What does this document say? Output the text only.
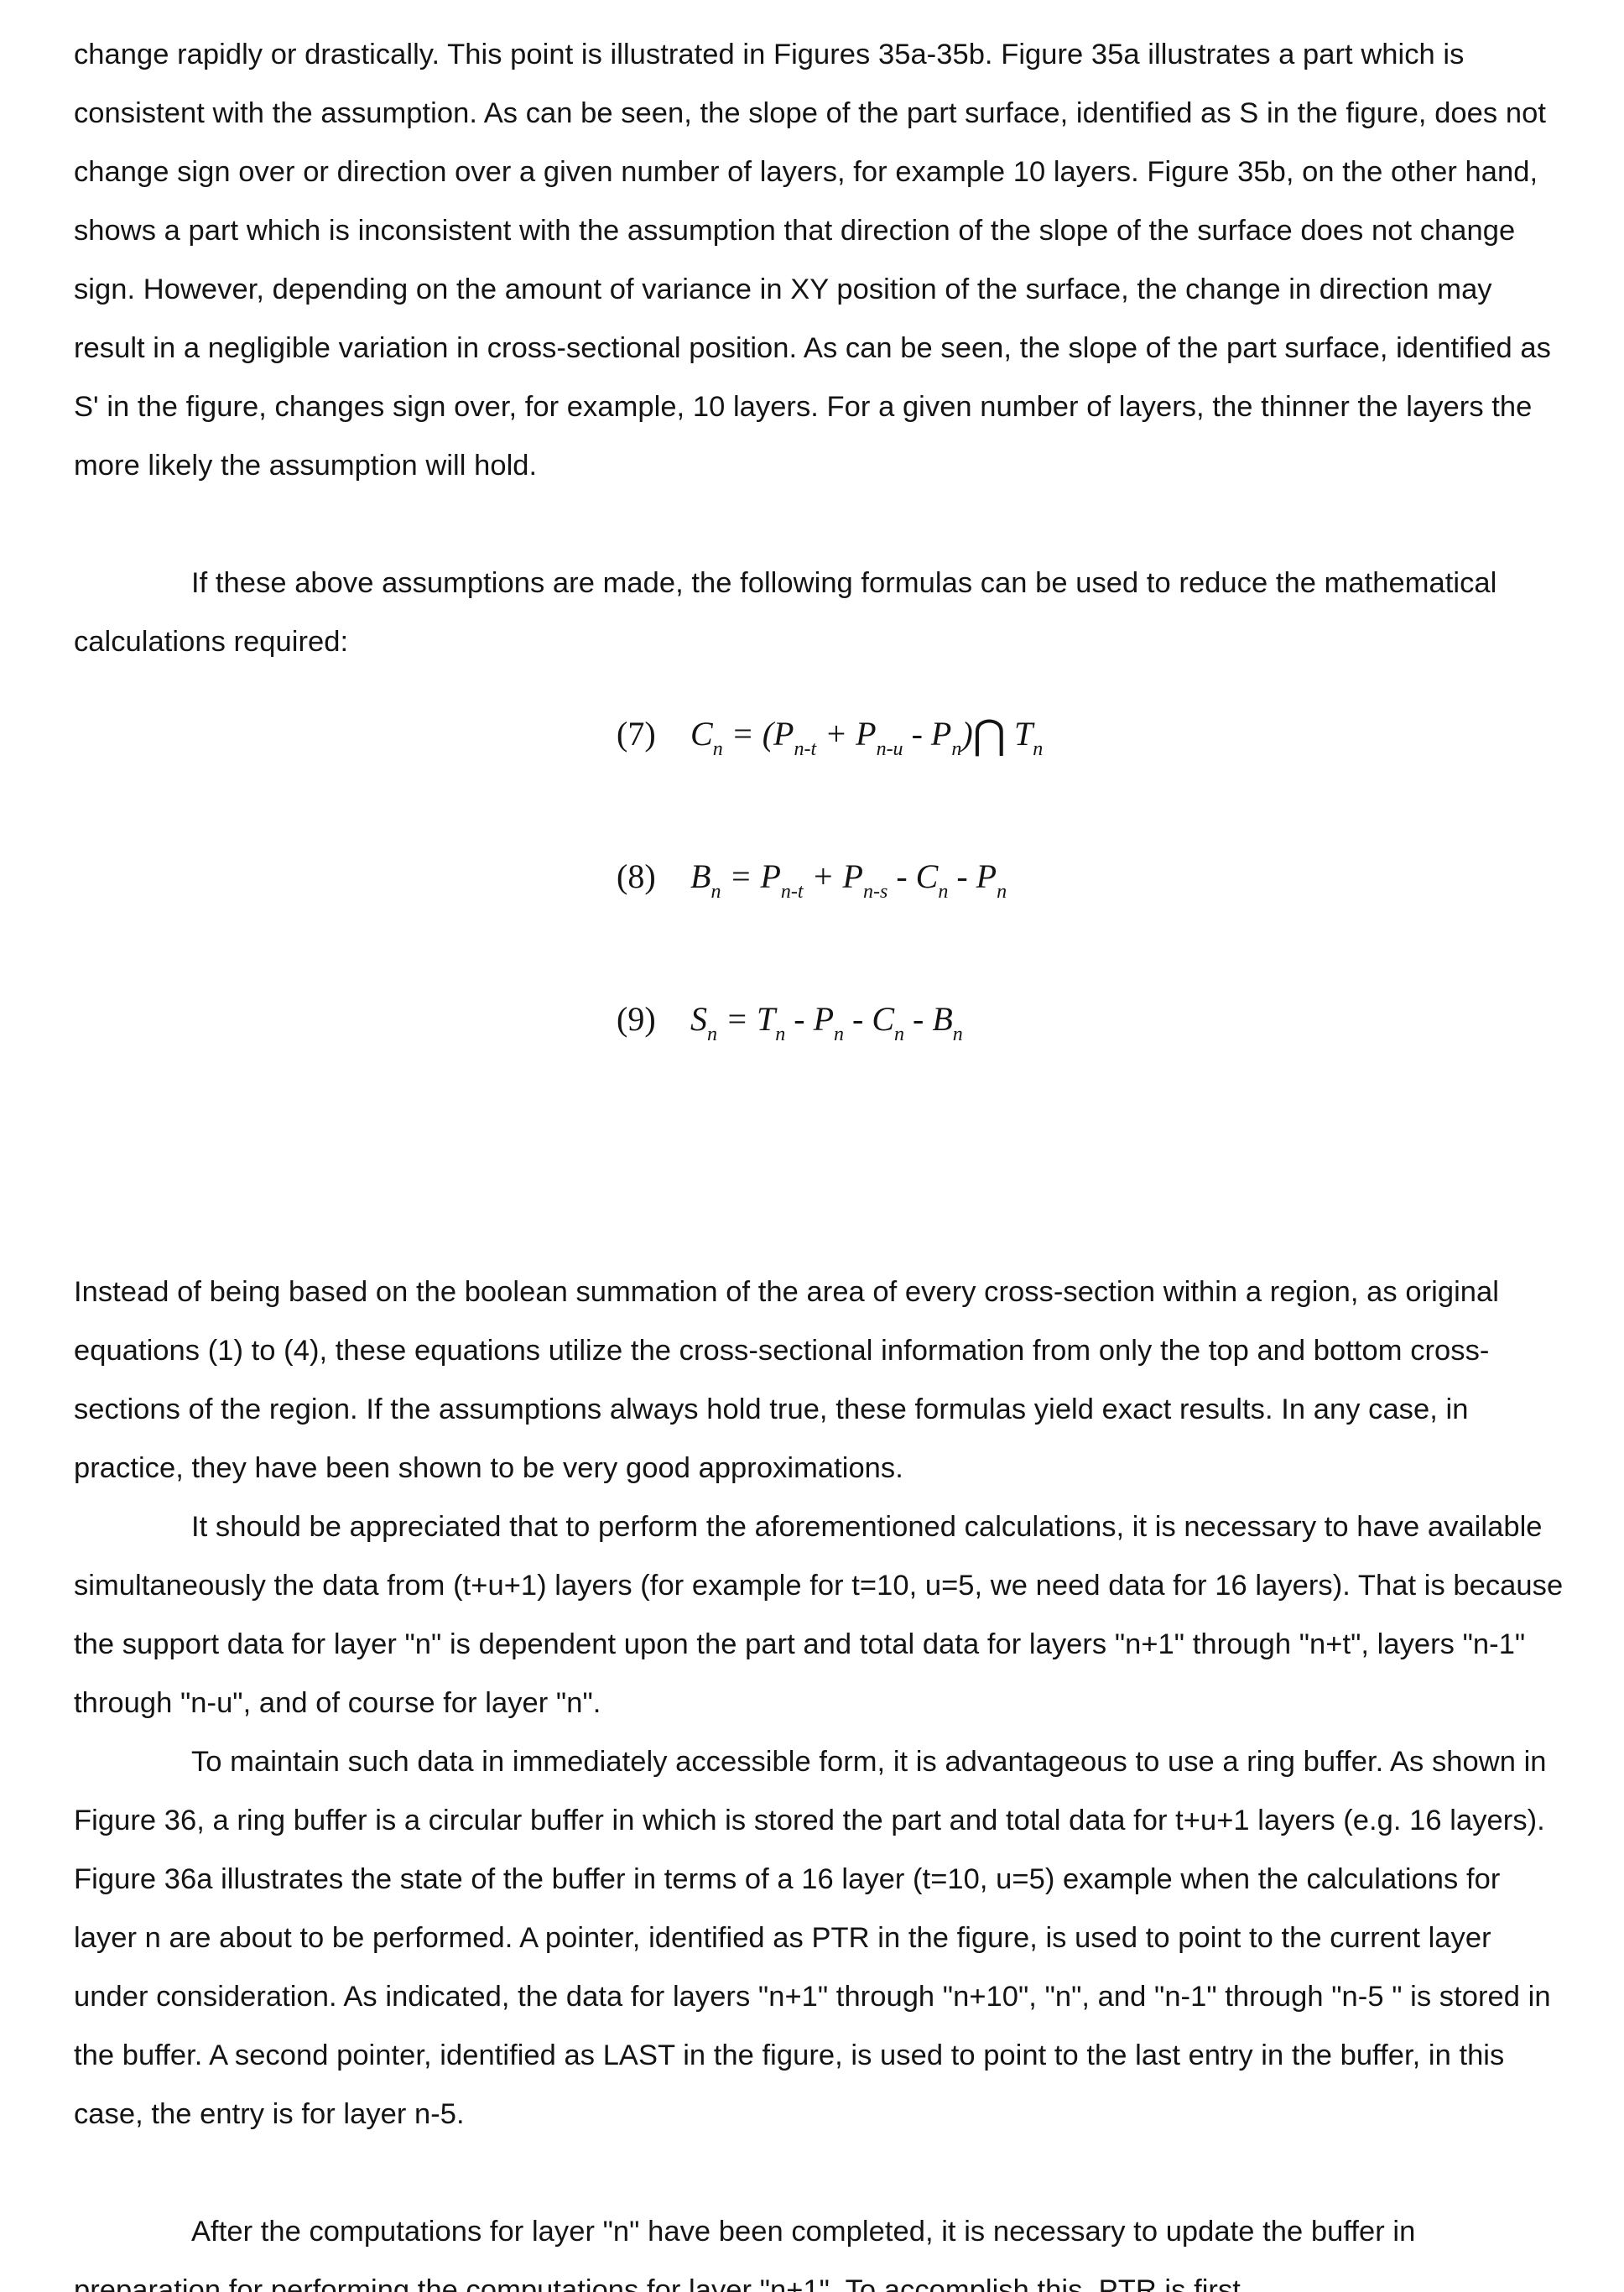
change rapidly or drastically. This point is illustrated in Figures 35a-35b. Figure 35a illustrates a part which is consistent with the assumption. As can be seen, the slope of the part surface, identified as S in the figure, does not change sign over or direction over a given number of layers, for example 10 layers. Figure 35b, on the other hand, shows a part which is inconsistent with the assumption that direction of the slope of the surface does not change sign. However, depending on the amount of variance in XY position of the surface, the change in direction may result in a negligible variation in cross-sectional position. As can be seen, the slope of the part surface, identified as S' in the figure, changes sign over, for example, 10 layers. For a given number of layers, the thinner the layers the more likely the assumption will hold.

If these above assumptions are made, the following formulas can be used to reduce the mathematical calculations required:

(7) Cn = (Pn-t + Pn-u - Pn)⋂ Tn
(8) Bn = Pn-t + Pn-s - Cn - Pn
(9) Sn = Tn - Pn - Cn - Bn

Instead of being based on the boolean summation of the area of every cross-section within a region, as original equations (1) to (4), these equations utilize the cross-sectional information from only the top and bottom cross-sections of the region. If the assumptions always hold true, these formulas yield exact results. In any case, in practice, they have been shown to be very good approximations.

It should be appreciated that to perform the aforementioned calculations, it is necessary to have available simultaneously the data from (t+u+1) layers (for example for t=10, u=5, we need data for 16 layers). That is because the support data for layer "n" is dependent upon the part and total data for layers "n+1" through "n+t", layers "n-1" through "n-u", and of course for layer "n".

To maintain such data in immediately accessible form, it is advantageous to use a ring buffer. As shown in Figure 36, a ring buffer is a circular buffer in which is stored the part and total data for t+u+1 layers (e.g. 16 layers). Figure 36a illustrates the state of the buffer in terms of a 16 layer (t=10, u=5) example when the calculations for layer n are about to be performed. A pointer, identified as PTR in the figure, is used to point to the current layer under consideration. As indicated, the data for layers "n+1" through "n+10", "n", and "n-1" through "n-5 " is stored in the buffer. A second pointer, identified as LAST in the figure, is used to point to the last entry in the buffer, in this case, the entry is for layer n-5.

After the computations for layer "n" have been completed, it is necessary to update the buffer in preparation for performing the computations for layer "n+1". To accomplish this, PTR is first
